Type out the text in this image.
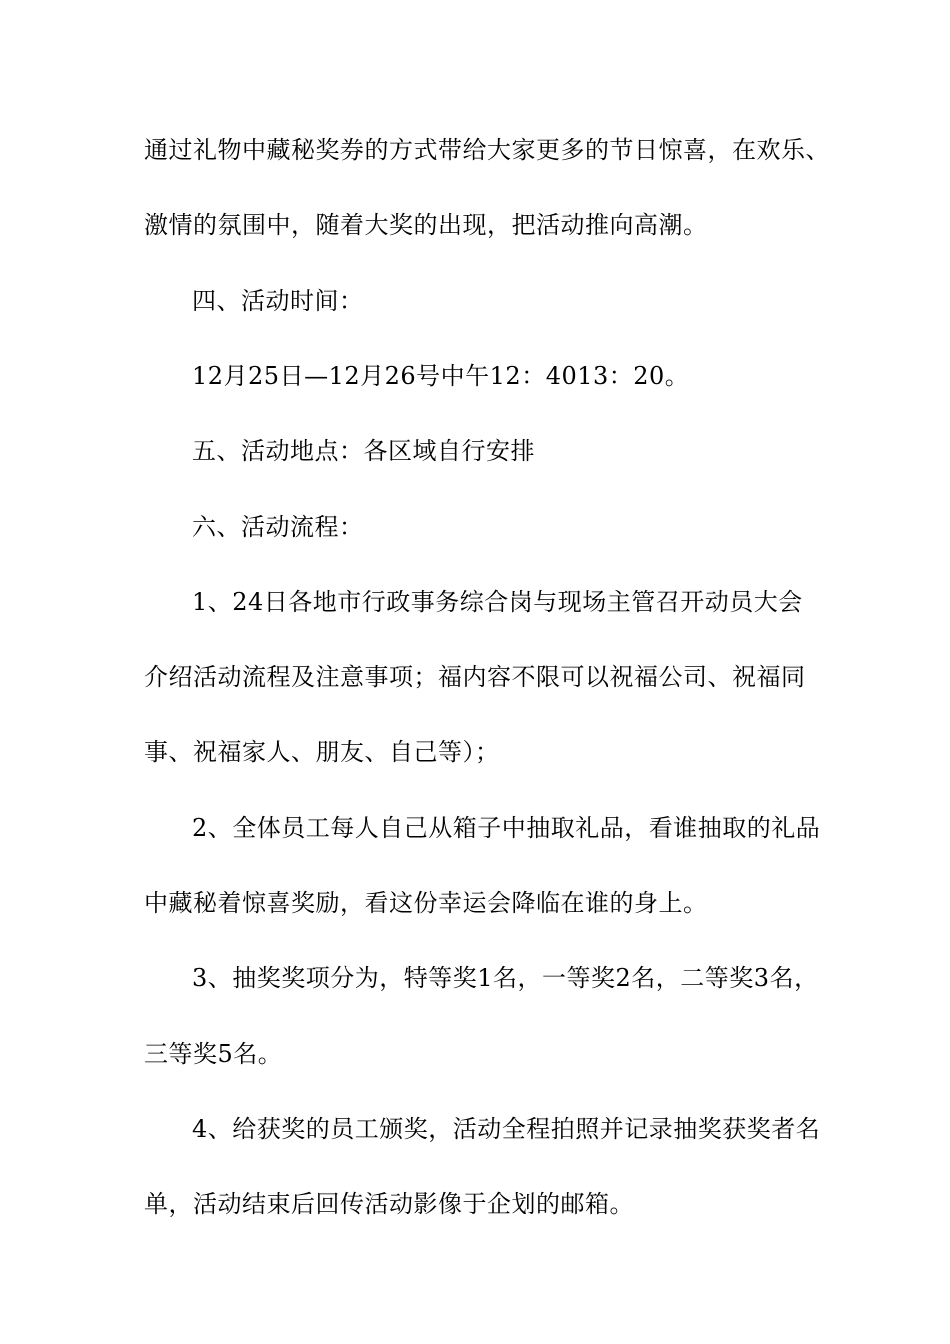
通过礼物中藏秘奖券的方式带给大家更多的节日惊喜，在欢乐、
激情的氛围中，随着大奖的出现，把活动推向高潮。
四、活动时间：
12月25日—12月26号中午12：4013：20。
五、活动地点：各区域自行安排
六、活动流程：
1、24日各地市行政事务综合岗与现场主管召开动员大会
介绍活动流程及注意事项；福内容不限可以祝福公司、祝福同
事、祝福家人、朋友、自己等）；
2、全体员工每人自己从箱子中抽取礼品，看谁抽取的礼品
中藏秘着惊喜奖励，看这份幸运会降临在谁的身上。
3、抽奖奖项分为，特等奖1名，一等奖2名，二等奖3名，
三等奖5名。
4、给获奖的员工颁奖，活动全程拍照并记录抽奖获奖者名
单，活动结束后回传活动影像于企划的邮箱。
